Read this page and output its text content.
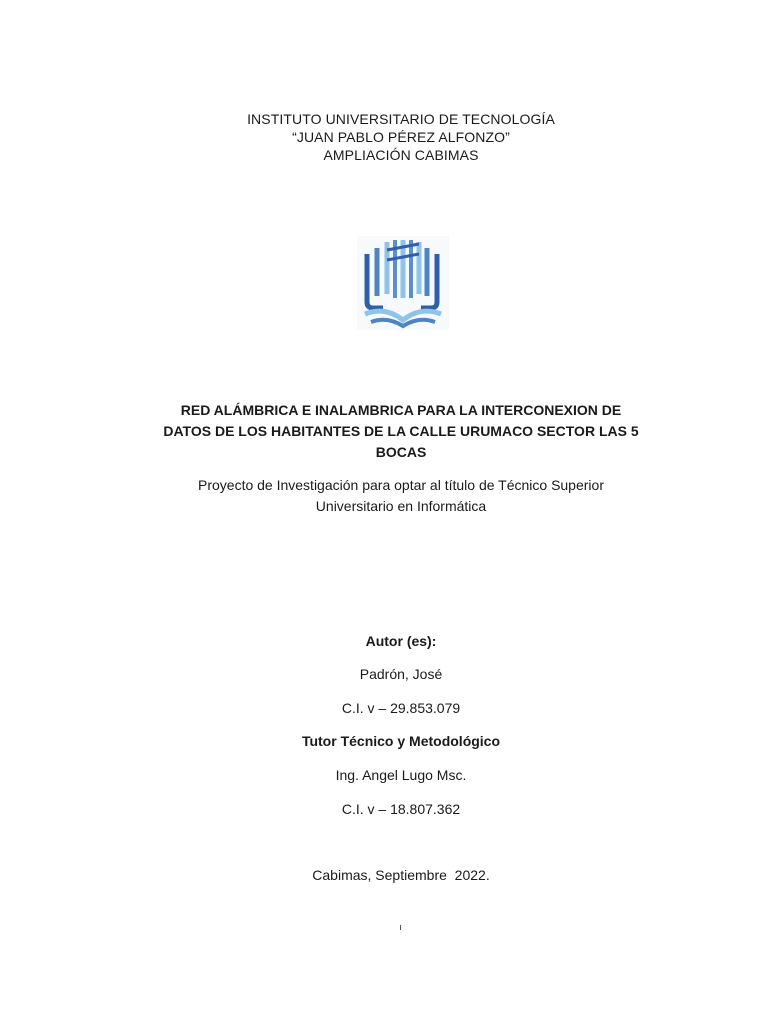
INSTITUTO UNIVERSITARIO DE TECNOLOGÍA
“JUAN PABLO PÉREZ ALFONZO”
AMPLIACIÓN CABIMAS
RED ALÁMBRICA E INALAMBRICA PARA LA INTERCONEXION DE
DATOS DE LOS HABITANTES DE LA CALLE URUMACO SECTOR LAS 5
BOCAS
Proyecto de Investigación para optar al título de Técnico Superior
Universitario en Informática
Autor (es):
Padrón, José
C.I. v – 29.853.079
Tutor Técnico y Metodológico
Ing. Angel Lugo Msc.
C.I. v – 18.807.362
Cabimas, Septiembre  2022.
